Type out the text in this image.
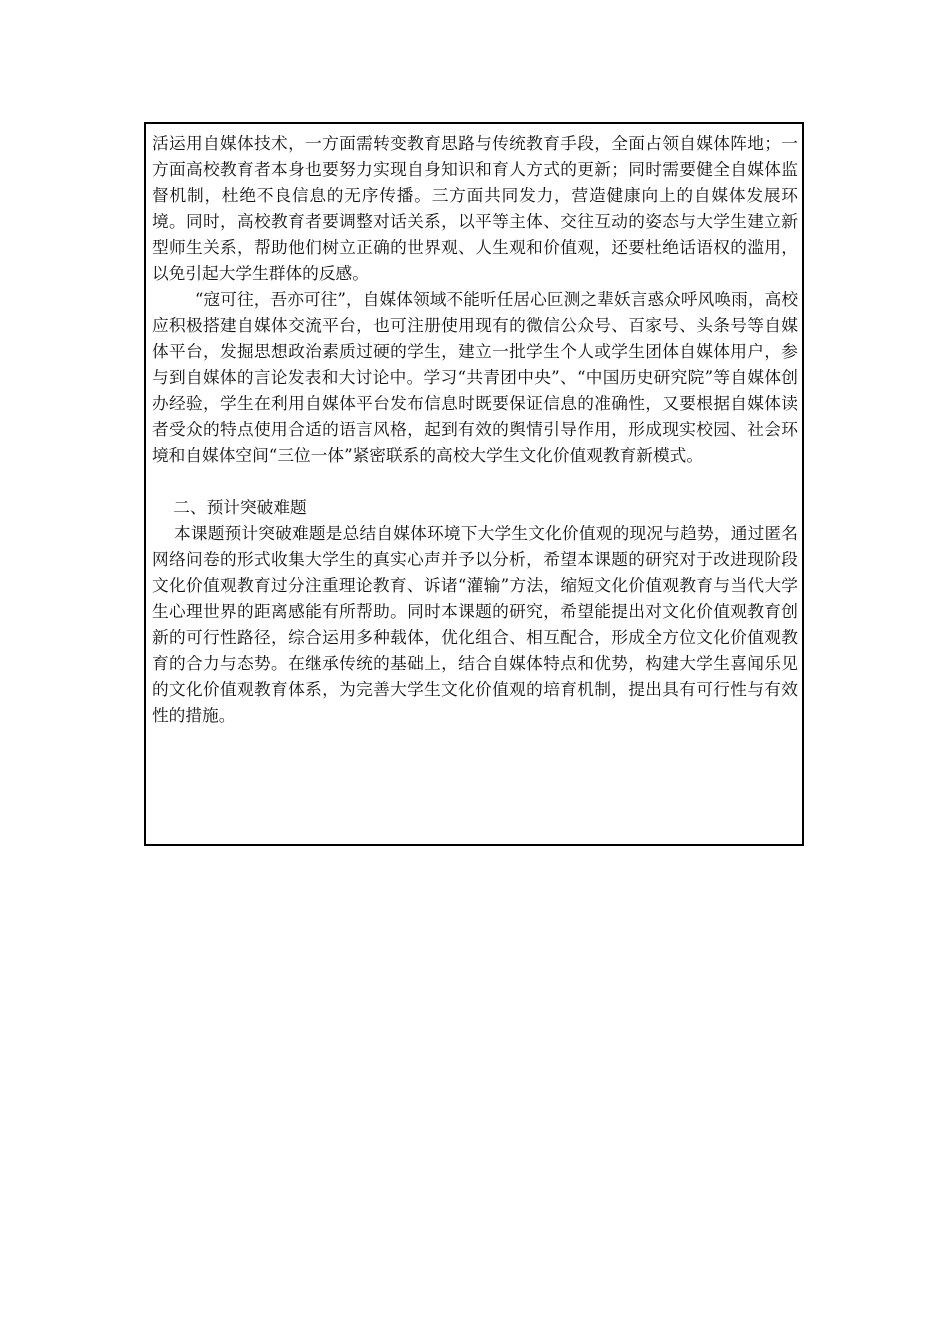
活运用自媒体技术，一方面需转变教育思路与传统教育手段，全面占领自媒体阵地；一方面高校教育者本身也要努力实现自身知识和育人方式的更新；同时需要健全自媒体监督机制，杜绝不良信息的无序传播。三方面共同发力，营造健康向上的自媒体发展环境。同时，高校教育者要调整对话关系，以平等主体、交往互动的姿态与大学生建立新型师生关系，帮助他们树立正确的世界观、人生观和价值观，还要杜绝话语权的滥用，以免引起大学生群体的反感。

“寇可往，吾亦可往”，自媒体领域不能听任居心叵测之辈妖言惑众呼风唤雨，高校应积极搭建自媒体交流平台，也可注册使用现有的微信公众号、百家号、头条号等自媒体平台，发掘思想政治素质过硬的学生，建立一批学生个人或学生团体自媒体用户，参与到自媒体的言论发表和大讨论中。学习“共青团中央”、“中国历史研究院”等自媒体创办经验，学生在利用自媒体平台发布信息时既要保证信息的准确性，又要根据自媒体读者受众的特点使用合适的语言风格，起到有效的舆情引导作用，形成现实校园、社会环境和自媒体空间“三位一体”紧密联系的高校大学生文化价值观教育新模式。

二、预计突破难题

本课题预计突破难题是总结自媒体环境下大学生文化价值观的现况与趋势，通过匿名网络问卷的形式收集大学生的真实心声并予以分析，希望本课题的研究对于改进现阶段文化价值观教育过分注重理论教育、诉诸“灌输”方法，缩短文化价值观教育与当代大学生心理世界的距离感能有所帮助。同时本课题的研究，希望能提出对文化价值观教育创新的可行性路径，综合运用多种载体，优化组合、相互配合，形成全方位文化价值观教育的合力与态势。在继承传统的基础上，结合自媒体特点和优势，构建大学生喜闻乐见的文化价值观教育体系，为完善大学生文化价值观的培育机制，提出具有可行性与有效性的措施。
